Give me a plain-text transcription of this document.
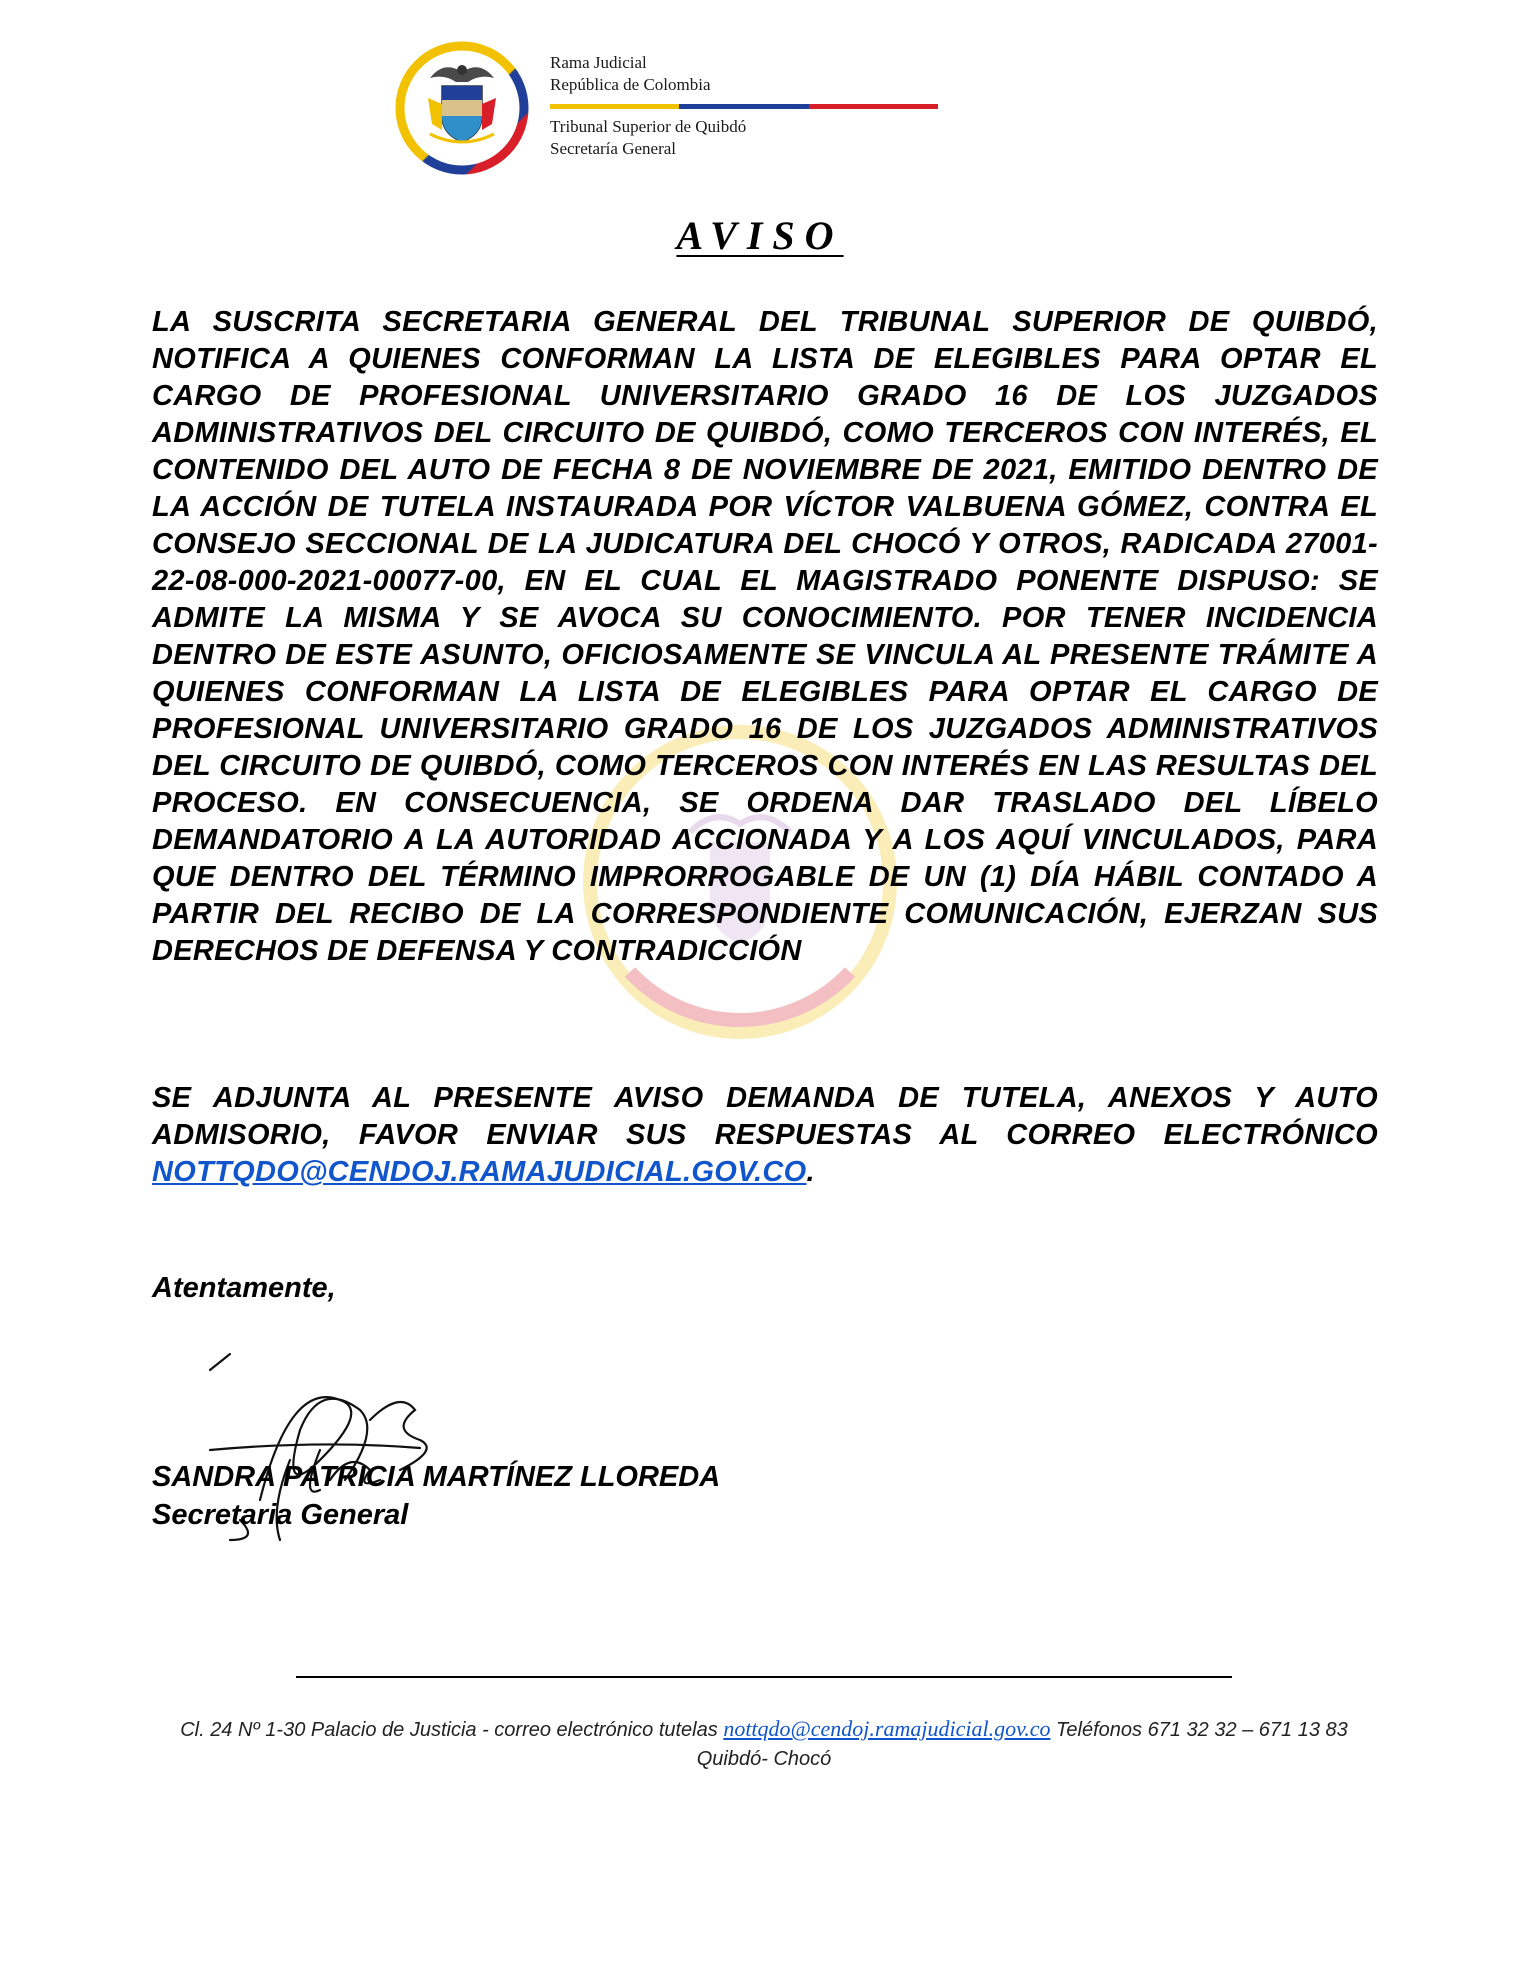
Rama Judicial
República de Colombia
Tribunal Superior de Quibdó
Secretaría General
AVISO
LA SUSCRITA SECRETARIA GENERAL DEL TRIBUNAL SUPERIOR DE QUIBDÓ, NOTIFICA A QUIENES CONFORMAN LA LISTA DE ELEGIBLES PARA OPTAR EL CARGO DE PROFESIONAL UNIVERSITARIO GRADO 16 DE LOS JUZGADOS ADMINISTRATIVOS DEL CIRCUITO DE QUIBDÓ, COMO TERCEROS CON INTERÉS, EL CONTENIDO DEL AUTO DE FECHA 8 DE NOVIEMBRE DE 2021, EMITIDO DENTRO DE LA ACCIÓN DE TUTELA INSTAURADA POR VÍCTOR VALBUENA GÓMEZ, CONTRA EL CONSEJO SECCIONAL DE LA JUDICATURA DEL CHOCÓ Y OTROS, RADICADA 27001-22-08-000-2021-00077-00, EN EL CUAL EL MAGISTRADO PONENTE DISPUSO: SE ADMITE LA MISMA Y SE AVOCA SU CONOCIMIENTO. POR TENER INCIDENCIA DENTRO DE ESTE ASUNTO, OFICIOSAMENTE SE VINCULA AL PRESENTE TRÁMITE A QUIENES CONFORMAN LA LISTA DE ELEGIBLES PARA OPTAR EL CARGO DE PROFESIONAL UNIVERSITARIO GRADO 16 DE LOS JUZGADOS ADMINISTRATIVOS DEL CIRCUITO DE QUIBDÓ, COMO TERCEROS CON INTERÉS EN LAS RESULTAS DEL PROCESO. EN CONSECUENCIA, SE ORDENA DAR TRASLADO DEL LÍBELO DEMANDATORIO A LA AUTORIDAD ACCIONADA Y A LOS AQUÍ VINCULADOS, PARA QUE DENTRO DEL TÉRMINO IMPRORROGABLE DE UN (1) DÍA HÁBIL CONTADO A PARTIR DEL RECIBO DE LA CORRESPONDIENTE COMUNICACIÓN, EJERZAN SUS DERECHOS DE DEFENSA Y CONTRADICCIÓN
SE ADJUNTA AL PRESENTE AVISO DEMANDA DE TUTELA, ANEXOS Y AUTO ADMISORIO, FAVOR ENVIAR SUS RESPUESTAS AL CORREO ELECTRÓNICO NOTTQDO@CENDOJ.RAMAJUDICIAL.GOV.CO.
Atentamente,
SANDRA PATRICIA MARTÍNEZ LLOREDA
Secretaria General
Cl. 24 Nº 1-30 Palacio de Justicia - correo electrónico tutelas nottqdo@cendoj.ramajudicial.gov.co Teléfonos 671 32 32 – 671 13 83
Quibdó- Chocó
